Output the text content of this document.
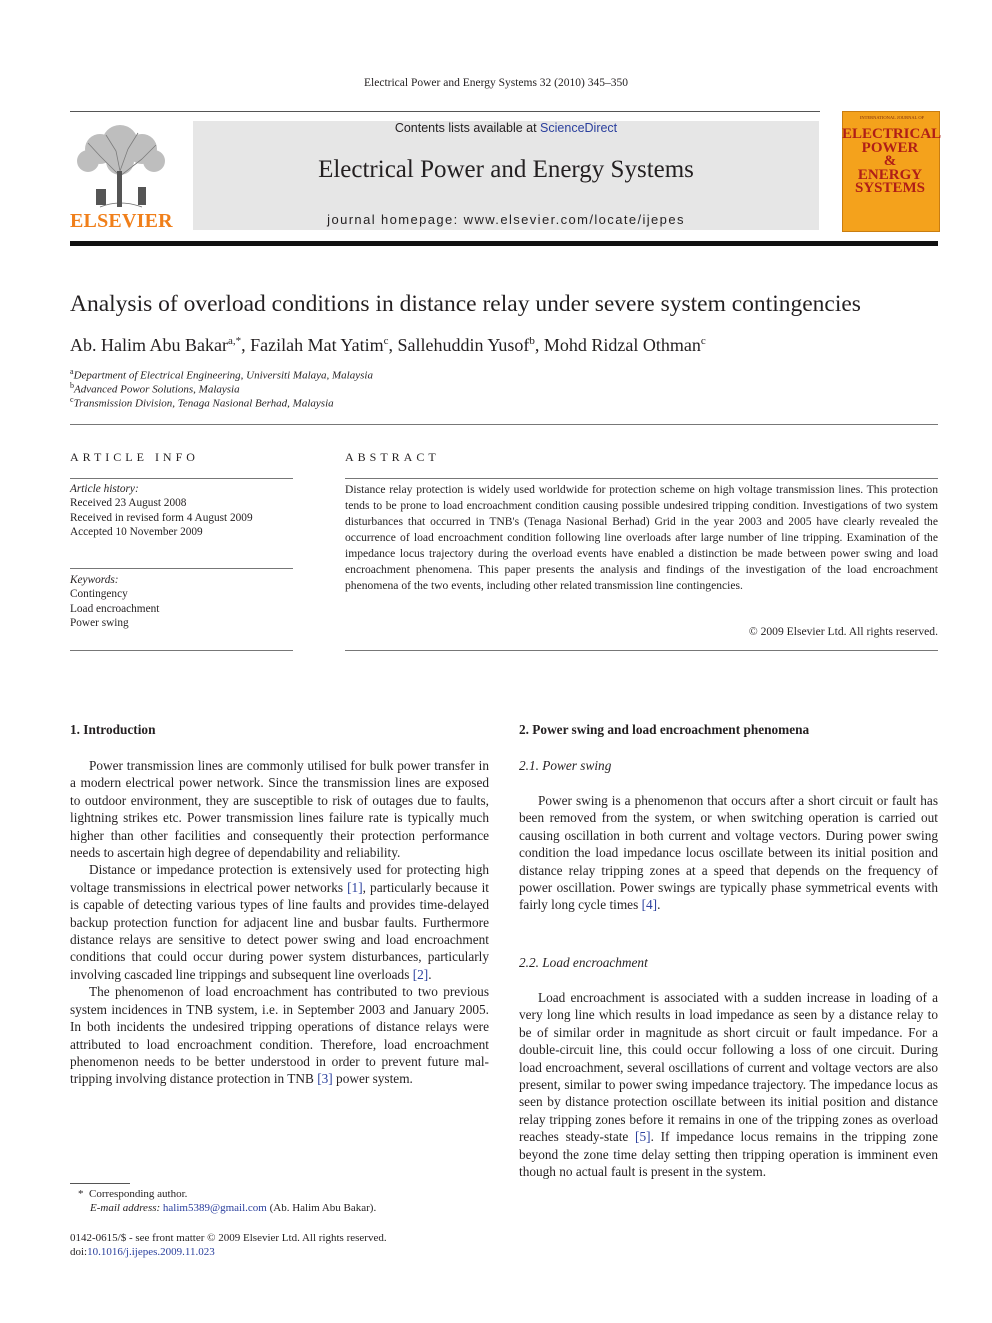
Electrical Power and Energy Systems 32 (2010) 345–350
ELSEVIER
Contents lists available at ScienceDirect
Electrical Power and Energy Systems
journal homepage: www.elsevier.com/locate/ijepes
INTERNATIONAL JOURNAL OF
ELECTRICAL
POWER
&
ENERGY
SYSTEMS
Analysis of overload conditions in distance relay under severe system contingencies
Ab. Halim Abu Bakar$^{a,*}$, Fazilah Mat Yatim$^c$, Sallehuddin Yusof$^b$, Mohd Ridzal Othman$^c$
$^a$Department of Electrical Engineering, Universiti Malaya, Malaysia
$^b$Advanced Powor Solutions, Malaysia
$^c$Transmission Division, Tenaga Nasional Berhad, Malaysia
ARTICLE INFO
Article history:
Received 23 August 2008
Received in revised form 4 August 2009
Accepted 10 November 2009
Keywords:
Contingency
Load encroachment
Power swing
ABSTRACT
Distance relay protection is widely used worldwide for protection scheme on high voltage transmission lines. This protection tends to be prone to load encroachment condition causing possible undesired tripping condition. Investigations of two system disturbances that occurred in TNB's (Tenaga Nasional Berhad) Grid in the year 2003 and 2005 have clearly revealed the occurrence of load encroachment condition following line overloads after large number of line tripping. Examination of the impedance locus trajectory during the overload events have enabled a distinction be made between power swing and load encroachment phenomena. This paper presents the analysis and findings of the investigation of the load encroachment phenomena of the two events, including other related transmission line contingencies.
© 2009 Elsevier Ltd. All rights reserved.
1. Introduction

Power transmission lines are commonly utilised for bulk power transfer in a modern electrical power network. Since the transmission lines are exposed to outdoor environment, they are susceptible to risk of outages due to faults, lightning strikes etc. Power transmission lines failure rate is typically much higher than other facilities and consequently their protection performance needs to ascertain high degree of dependability and reliability.

Distance or impedance protection is extensively used for protecting high voltage transmissions in electrical power networks [1], particularly because it is capable of detecting various types of line faults and provides time-delayed backup protection function for adjacent line and busbar faults. Furthermore distance relays are sensitive to detect power swing and load encroachment conditions that could occur during power system disturbances, particularly involving cascaded line trippings and subsequent line overloads [2].

The phenomenon of load encroachment has contributed to two previous system incidences in TNB system, i.e. in September 2003 and January 2005. In both incidents the undesired tripping operations of distance relays were attributed to load encroachment condition. Therefore, load encroachment phenomenon needs to be better understood in order to prevent future mal-tripping involving distance protection in TNB [3] power system.

2. Power swing and load encroachment phenomena
2.1. Power swing

Power swing is a phenomenon that occurs after a short circuit or fault has been removed from the system, or when switching operation is carried out causing oscillation in both current and voltage vectors. During power swing condition the load impedance locus oscillate between its initial position and distance relay tripping zones at a speed that depends on the frequency of power oscillation. Power swings are typically phase symmetrical events with fairly long cycle times [4].

2.2. Load encroachment

Load encroachment is associated with a sudden increase in loading of a very long line which results in load impedance as seen by a distance relay to be of similar order in magnitude as short circuit or fault impedance. For a double-circuit line, this could occur following a loss of one circuit. During load encroachment, several oscillations of current and voltage vectors are also present, similar to power swing impedance trajectory. The impedance locus as seen by distance protection oscillate between its initial position and distance relay tripping zones before it remains in one of the tripping zones as overload reaches steady-state [5]. If impedance locus remains in the tripping zone beyond the zone time delay setting then tripping operation is imminent even though no actual fault is present in the system.

* Corresponding author.
E-mail address: halim5389@gmail.com (Ab. Halim Abu Bakar).
0142-0615/$ - see front matter © 2009 Elsevier Ltd. All rights reserved.
doi:10.1016/j.ijepes.2009.11.023
